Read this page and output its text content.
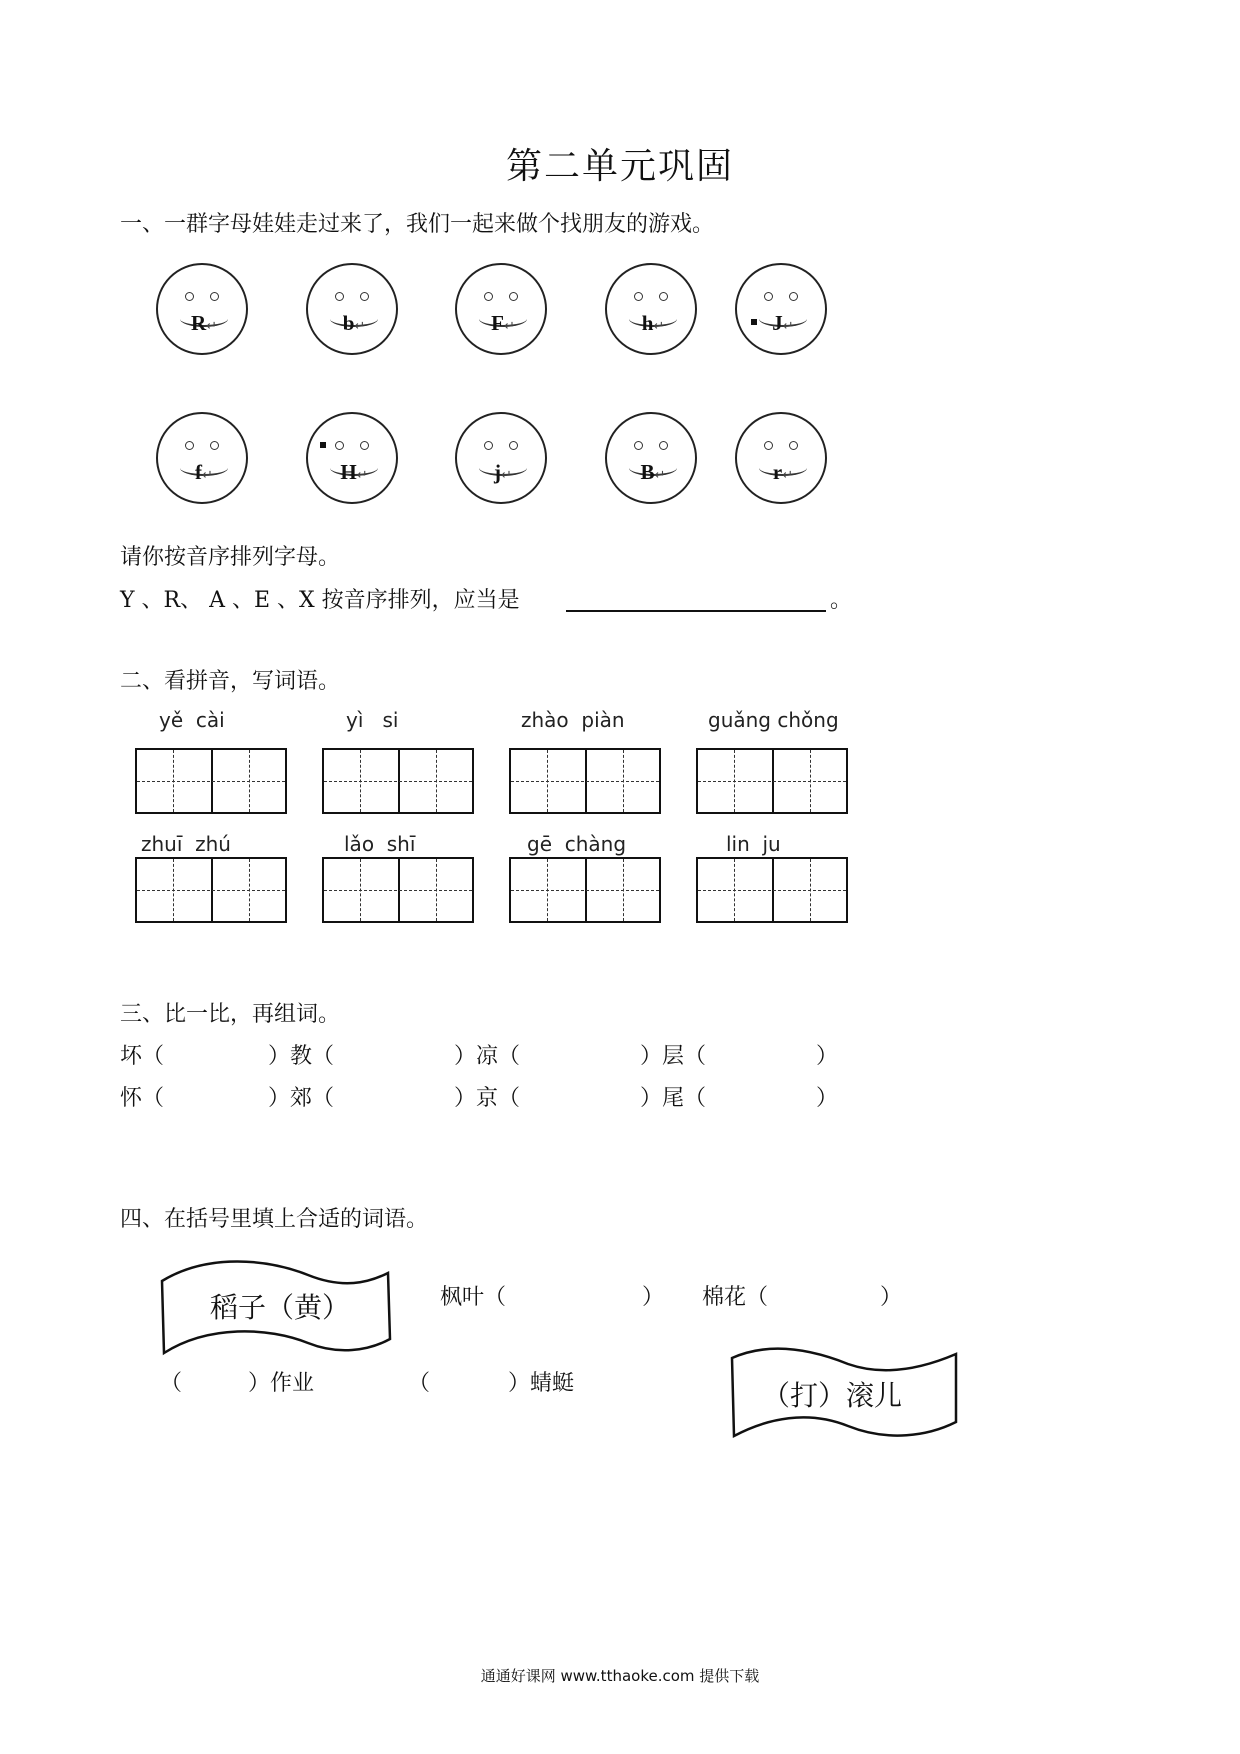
第二单元巩固
一、一群字母娃娃走过来了，我们一起来做个找朋友的游戏。
R↵	b↵	F↵	h↵	J↵
f↵	H↵	j↵	B↵	r↵
请你按音序排列字母。
Y 、R、 A 、E 、X 按音序排列，应当是	。
二、看拼音，写词语。
yě  cài	yì   si	zhào  piàn	guǎng chǒng
zhuī  zhú	lǎo  shī	gē  chàng	lin  ju
三、比一比，再组词。
坏（	）教（	）凉（	）层（	）
怀（	）郊（	）京（	）尾（	）
四、在括号里填上合适的词语。
稻子（黄）
（打）滚儿
枫叶（	） 棉花（	）
（	）作业	（	）蜻蜓
通通好课网 www.tthaoke.com 提供下载
